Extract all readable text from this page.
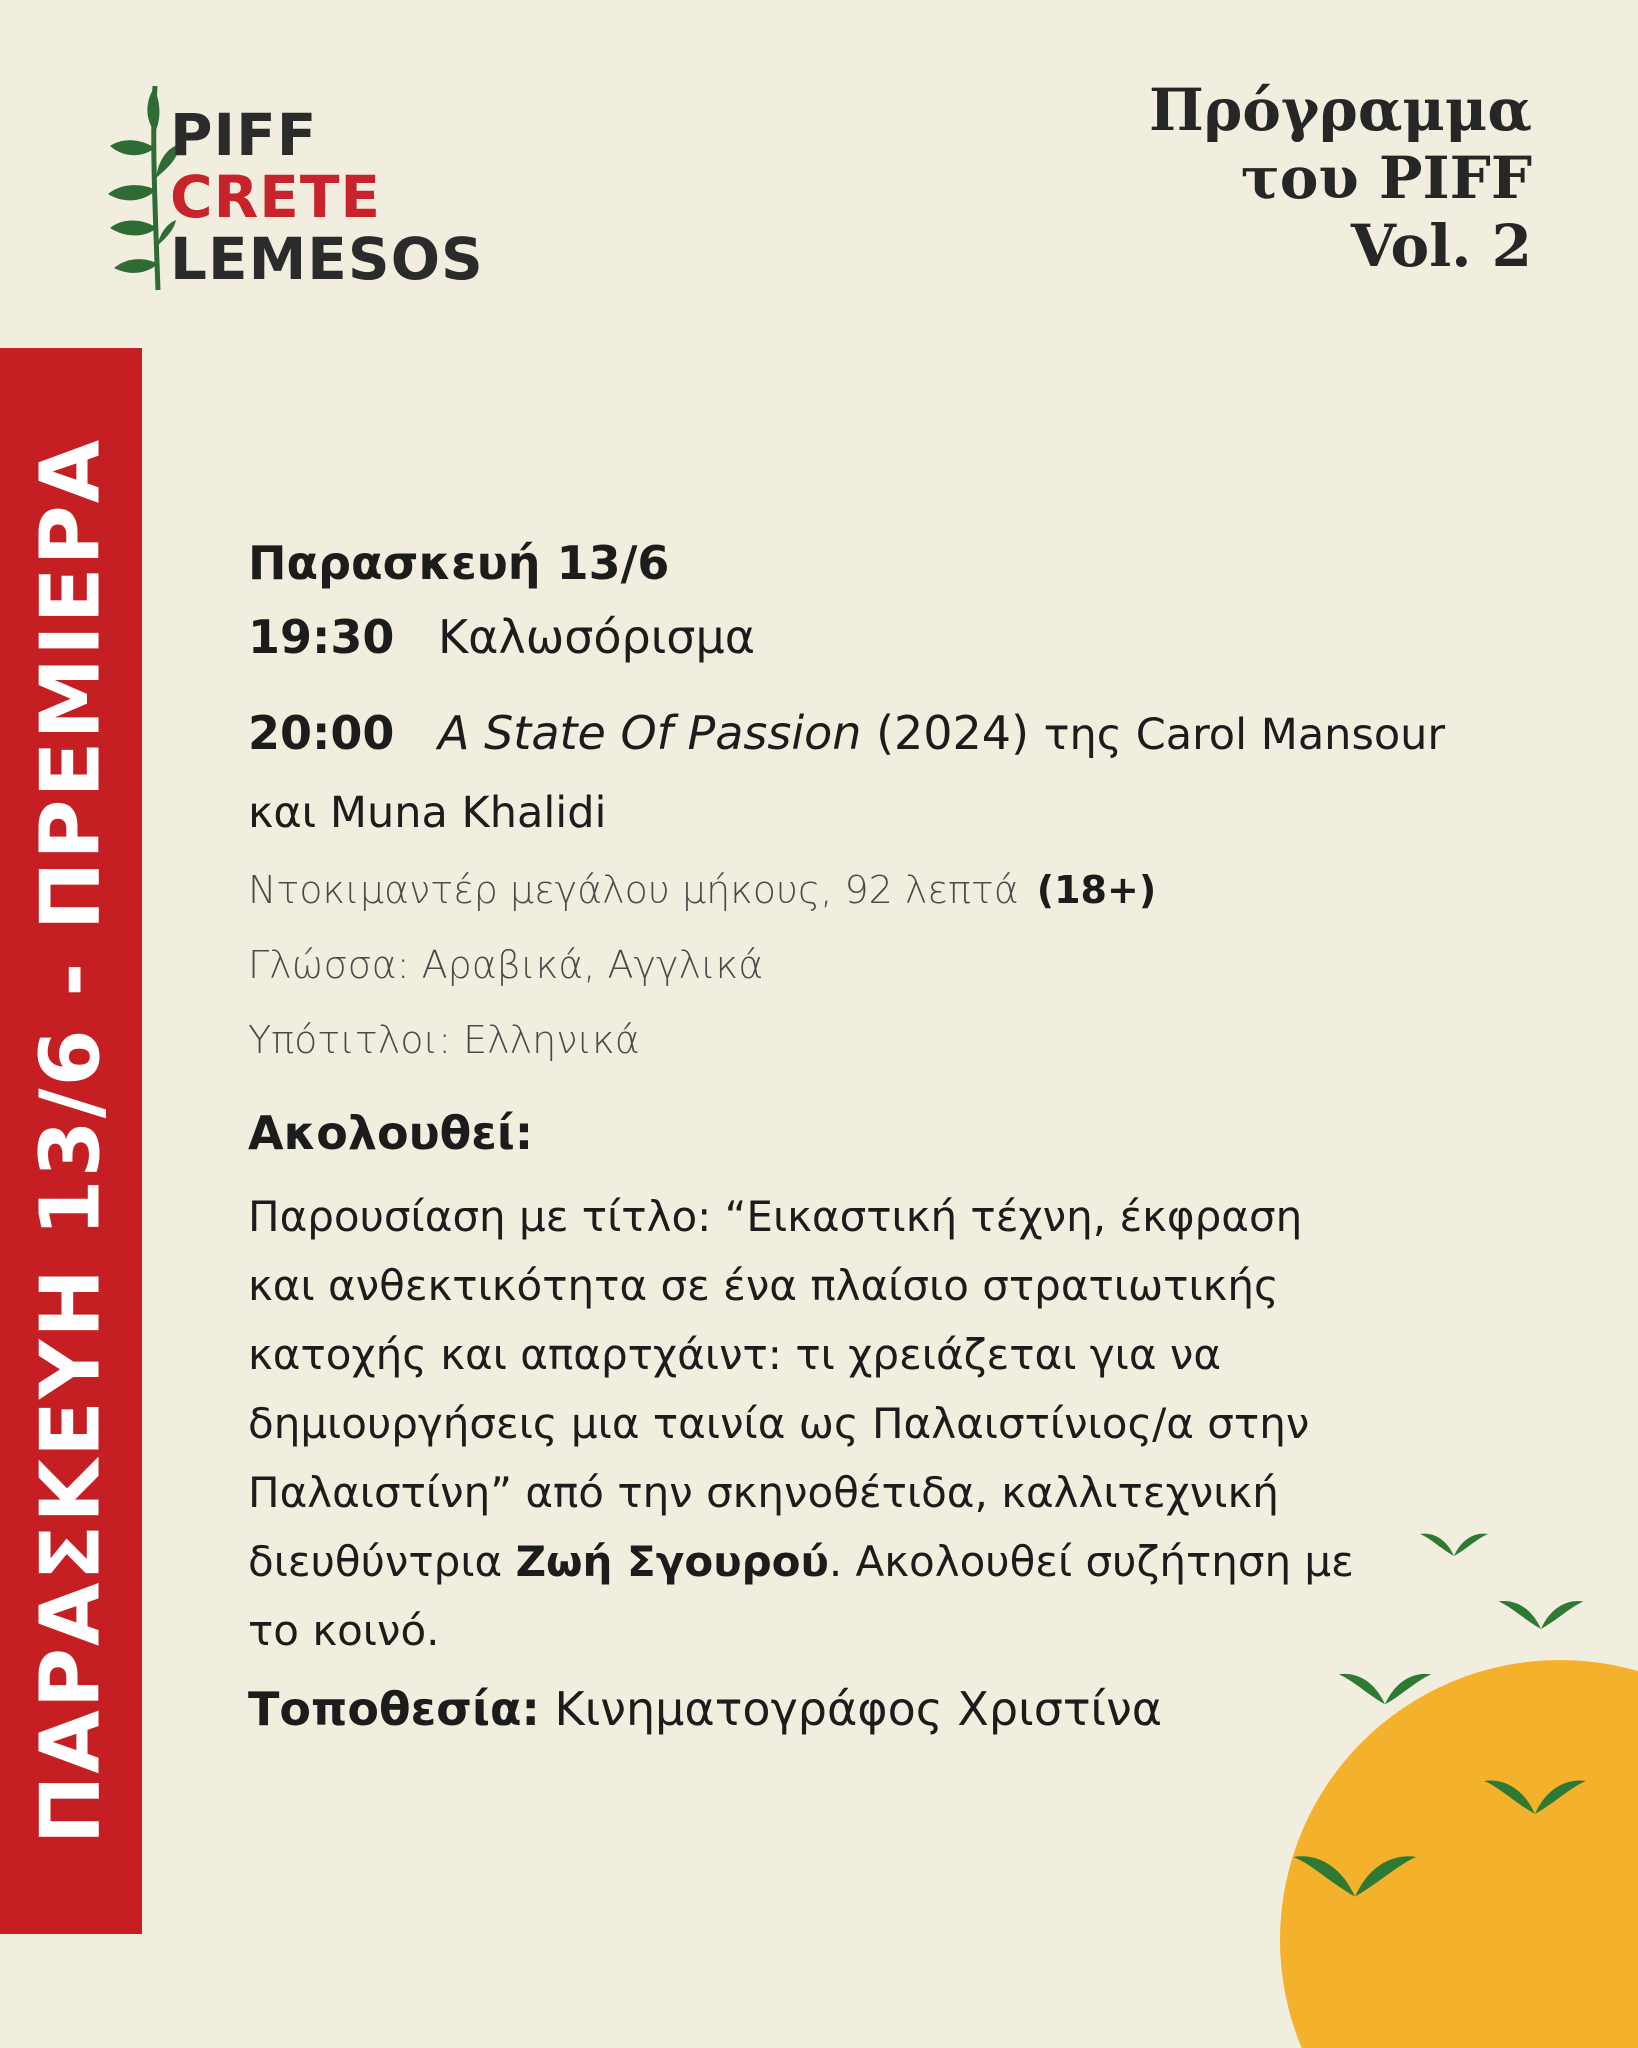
PIFF
CRETE
LEMESOS
Πρόγραμμα
του PIFF
Vol. 2
ΠΑΡΑΣΚΕΥΗ 13/6 - ΠΡΕΜΙΕΡΑ	Παρασκευή 13/6
19:30 Καλωσόρισμα
20:00 A State Of Passion (2024) της Carol Mansour
και Muna Khalidi
Ντοκιμαντέρ μεγάλου μήκους, 92 λεπτά (18+)
Γλώσσα: Αραβικά, Αγγλικά
Υπότιτλοι: Ελληνικά
Ακολουθεί:
Παρουσίαση με τίτλο: “Εικαστική τέχνη, έκφραση
και ανθεκτικότητα σε ένα πλαίσιο στρατιωτικής
κατοχής και απαρτχάιντ: τι χρειάζεται για να
δημιουργήσεις μια ταινία ως Παλαιστίνιος/α στην
Παλαιστίνη” από την σκηνοθέτιδα, καλλιτεχνική
διευθύντρια Ζωή Σγουρού. Ακολουθεί συζήτηση με
το κοινό.
Τοποθεσία: Κινηματογράφος Χριστίνα
